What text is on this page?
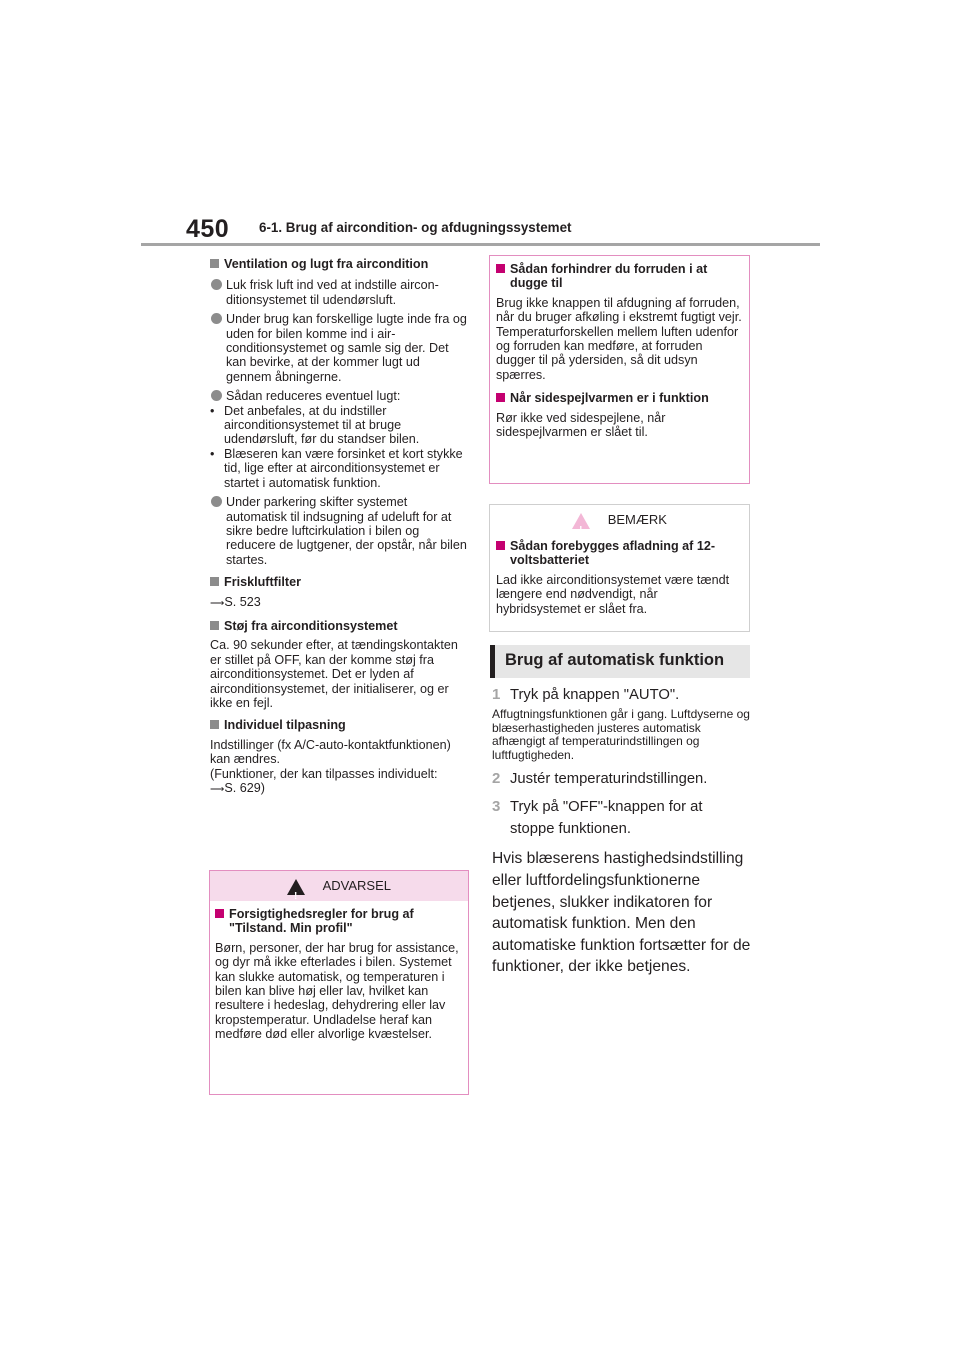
450 6-1. Brug af aircondition- og afdugningssystemet

Ventilation og lugt fra aircondition

Luk frisk luft ind ved at indstille aircon-ditionsystemet til udendørsluft.
Under brug kan forskellige lugte inde fra og uden for bilen komme ind i air-conditionsystemet og samle sig der. Det kan bevirke, at der kommer lugt ud gennem åbningerne.
Sådan reduceres eventuel lugt:
• Det anbefales, at du indstiller airconditionsystemet til at bruge udendørsluft, før du standser bilen.
• Blæseren kan være forsinket et kort stykke tid, lige efter at airconditionsystemet er startet i automatisk funktion.
Under parkering skifter systemet automatisk til indsugning af udeluft for at sikre bedre luftcirkulation i bilen og reducere de lugtgener, der opstår, når bilen startes.

Friskluftfilter

⟶S. 523

Støj fra airconditionsystemet

Ca. 90 sekunder efter, at tændingskontakten er stillet på OFF, kan der komme støj fra airconditionsystemet. Det er lyden af airconditionsystemet, der initialiserer, og er ikke en fejl.

Individuel tilpasning

Indstillinger (fx A/C-auto-kontaktfunktionen) kan ændres.

(Funktioner, der kan tilpasses individuelt: ⟶S. 629)

!
ADVARSEL

Forsigtighedsregler for brug af "Tilstand. Min profil"

Børn, personer, der har brug for assistance, og dyr må ikke efterlades i bilen. Systemet kan slukke automatisk, og temperaturen i bilen kan blive høj eller lav, hvilket kan resultere i hedeslag, dehydrering eller lav kropstemperatur. Undladelse heraf kan medføre død eller alvorlige kvæstelser.

Sådan forhindrer du forruden i at dugge til

Brug ikke knappen til afdugning af forruden, når du bruger afkøling i ekstremt fugtigt vejr.

Temperaturforskellen mellem luften udenfor og forruden kan medføre, at forruden dugger til på ydersiden, så dit udsyn spærres.

Når sidespejlvarmen er i funktion

Rør ikke ved sidespejlene, når sidespejlvarmen er slået til.

!
BEMÆRK

Sådan forebygges afladning af 12-voltsbatteriet

Lad ikke airconditionsystemet være tændt længere end nødvendigt, når hybridsystemet er slået fra.

Brug af automatisk funktion
1 Tryk på knappen "AUTO".

Affugtningsfunktionen går i gang. Luftdyserne og blæserhastigheden justeres automatisk afhængigt af temperaturindstillingen og luftfugtigheden.

2 Justér temperaturindstillingen.
3 Tryk på "OFF"-knappen for at stoppe funktionen.

Hvis blæserens hastighedsindstilling eller luftfordelingsfunktionerne betjenes, slukker indikatoren for automatisk funktion. Men den automatiske funktion fortsætter for de funktioner, der ikke betjenes.
